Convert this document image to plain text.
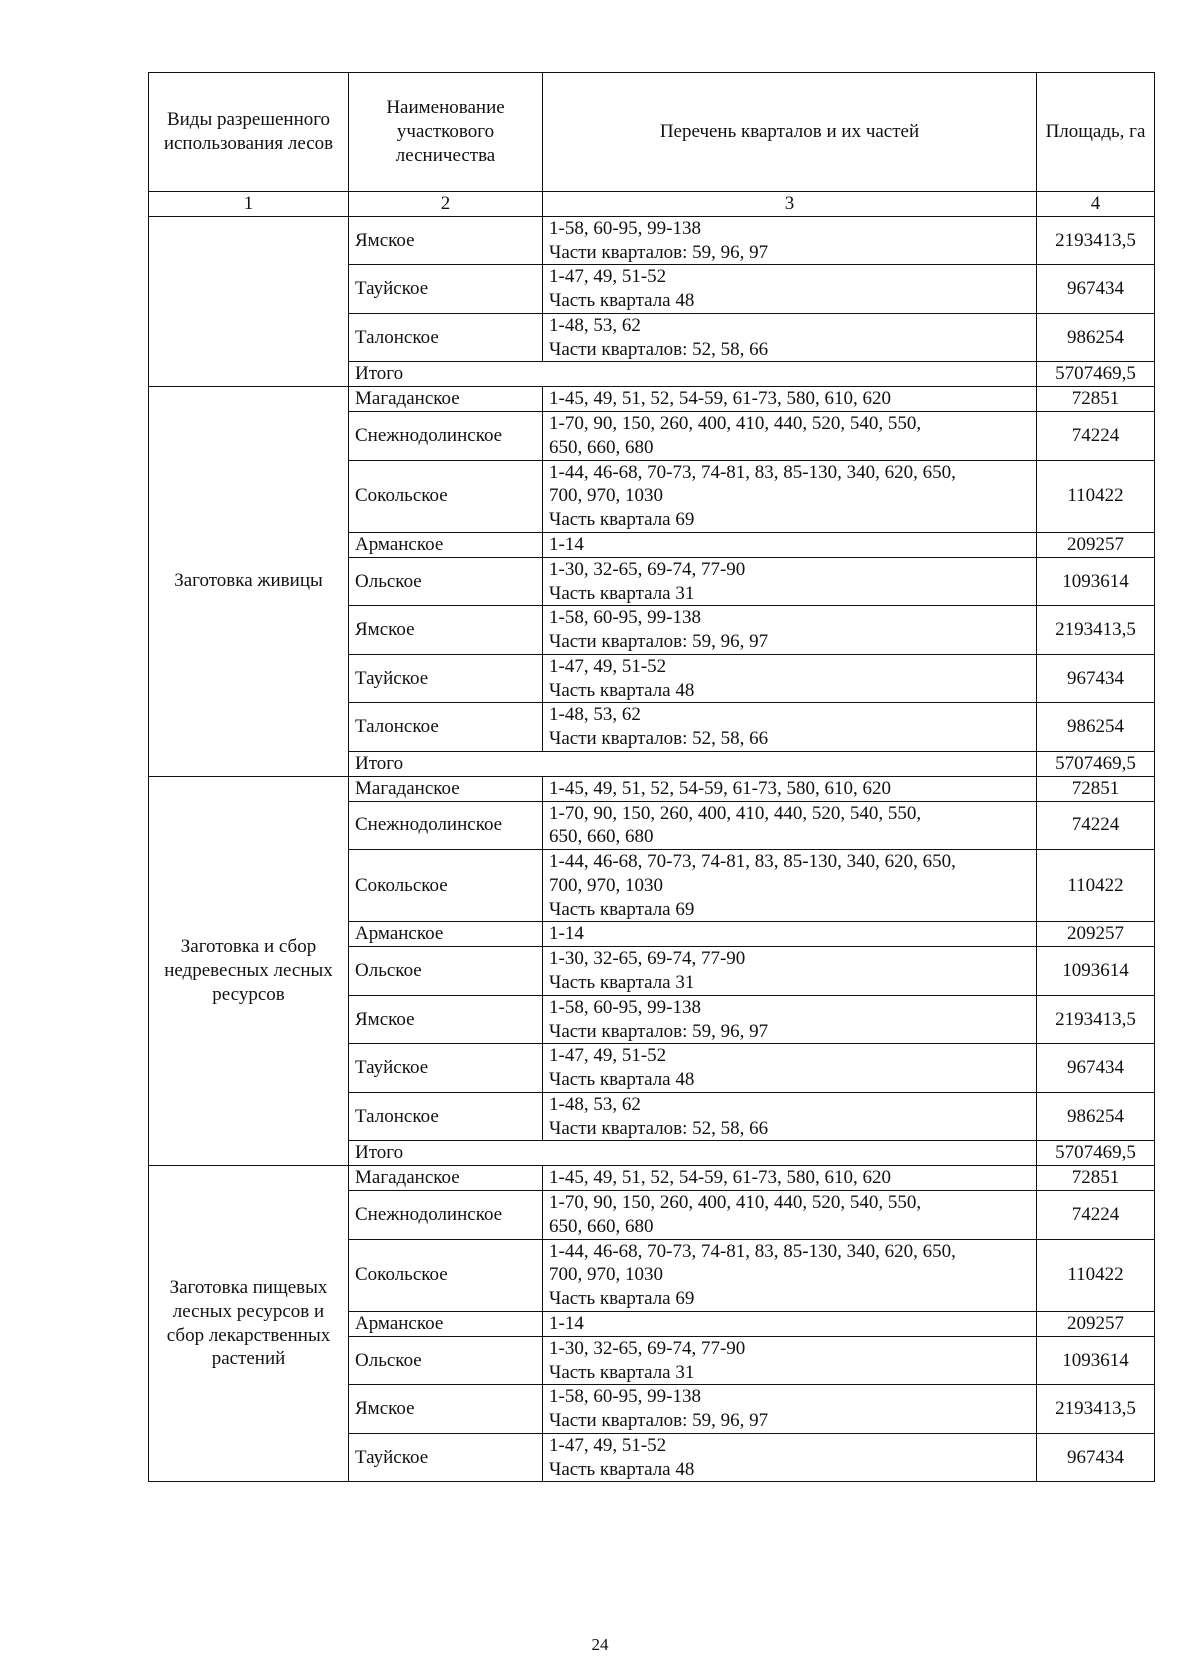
Виды разрешенного использования лесов	Наименование участкового лесничества	Перечень кварталов и их частей	Площадь, га
1	2	3	4
	Ямское	1-58, 60-95, 99-138
Части кварталов: 59, 96, 97	2193413,5
	Тауйское	1-47, 49, 51-52
Часть квартала 48	967434
	Талонское	1-48, 53, 62
Части кварталов: 52, 58, 66	986254
	Итого		5707469,5
Заготовка живицы	Магаданское	1-45, 49, 51, 52, 54-59, 61-73, 580, 610, 620	72851
	Снежнодолинское	1-70, 90, 150, 260, 400, 410, 440, 520, 540, 550,
650, 660, 680	74224
	Сокольское	1-44, 46-68, 70-73, 74-81, 83, 85-130, 340, 620, 650,
700, 970, 1030
Часть квартала 69	110422
	Арманское	1-14	209257
	Ольское	1-30, 32-65, 69-74, 77-90
Часть квартала 31	1093614
	Ямское	1-58, 60-95, 99-138
Части кварталов: 59, 96, 97	2193413,5
	Тауйское	1-47, 49, 51-52
Часть квартала 48	967434
	Талонское	1-48, 53, 62
Части кварталов: 52, 58, 66	986254
	Итого		5707469,5
Заготовка и сбор недревесных лесных ресурсов	Магаданское	1-45, 49, 51, 52, 54-59, 61-73, 580, 610, 620	72851
	Снежнодолинское	1-70, 90, 150, 260, 400, 410, 440, 520, 540, 550,
650, 660, 680	74224
	Сокольское	1-44, 46-68, 70-73, 74-81, 83, 85-130, 340, 620, 650,
700, 970, 1030
Часть квартала 69	110422
	Арманское	1-14	209257
	Ольское	1-30, 32-65, 69-74, 77-90
Часть квартала 31	1093614
	Ямское	1-58, 60-95, 99-138
Части кварталов: 59, 96, 97	2193413,5
	Тауйское	1-47, 49, 51-52
Часть квартала 48	967434
	Талонское	1-48, 53, 62
Части кварталов: 52, 58, 66	986254
	Итого		5707469,5
Заготовка пищевых лесных ресурсов и сбор лекарственных растений	Магаданское	1-45, 49, 51, 52, 54-59, 61-73, 580, 610, 620	72851
	Снежнодолинское	1-70, 90, 150, 260, 400, 410, 440, 520, 540, 550,
650, 660, 680	74224
	Сокольское	1-44, 46-68, 70-73, 74-81, 83, 85-130, 340, 620, 650,
700, 970, 1030
Часть квартала 69	110422
	Арманское	1-14	209257
	Ольское	1-30, 32-65, 69-74, 77-90
Часть квартала 31	1093614
	Ямское	1-58, 60-95, 99-138
Части кварталов: 59, 96, 97	2193413,5
	Тауйское	1-47, 49, 51-52
Часть квартала 48	967434
24
